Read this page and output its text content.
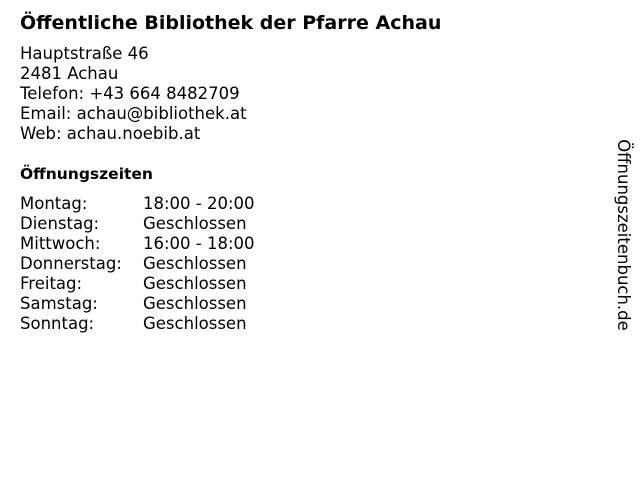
Öffentliche Bibliothek der Pfarre Achau
Hauptstraße 46
2481 Achau
Telefon: +43 664 8482709
Email: achau@bibliothek.at
Web: achau.noebib.at
Öffnungszeiten
Montag:	18:00 - 20:00
Dienstag:	Geschlossen
Mittwoch:	16:00 - 18:00
Donnerstag:	Geschlossen
Freitag:	Geschlossen
Samstag:	Geschlossen
Sonntag:	Geschlossen	Öffnungszeitenbuch.de
